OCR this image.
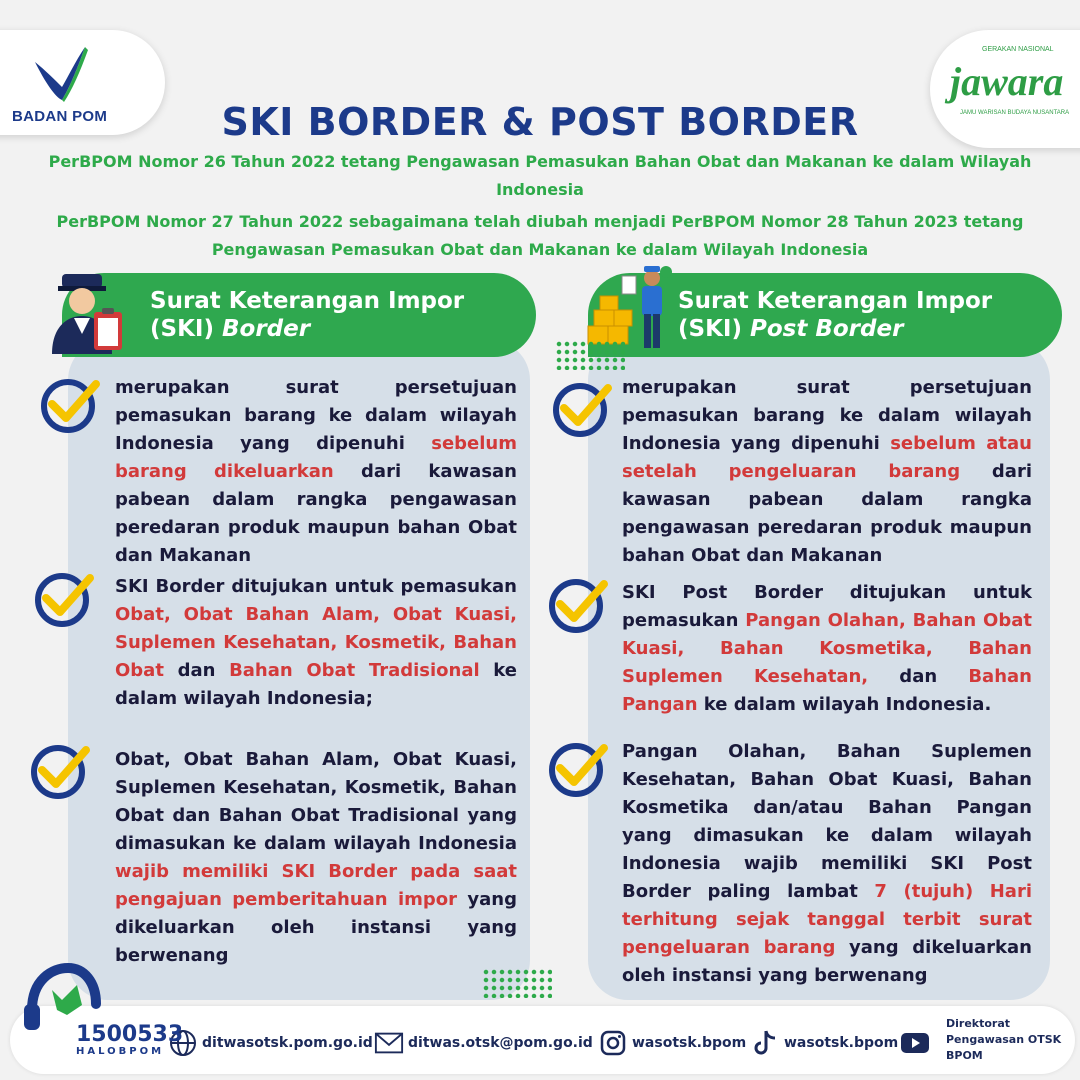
BADAN POM
GERAKAN NASIONAL
jawara
JAMU WARISAN BUDAYA NUSANTARA
SKI BORDER & POST BORDER
PerBPOM Nomor 26 Tahun 2022 tetang Pengawasan Pemasukan Bahan Obat dan Makanan ke dalam Wilayah Indonesia
PerBPOM Nomor 27 Tahun 2022 sebagaimana telah diubah menjadi PerBPOM Nomor 28 Tahun 2023 tetang Pengawasan Pemasukan Obat dan Makanan ke dalam Wilayah Indonesia
Surat Keterangan Impor
(SKI) Border
Surat Keterangan Impor
(SKI) Post Border
merupakan surat persetujuan pemasukan barang ke dalam wilayah Indonesia yang dipenuhi sebelum barang dikeluarkan dari kawasan pabean dalam rangka pengawasan peredaran produk maupun bahan Obat dan Makanan
SKI Border ditujukan untuk pemasukan Obat, Obat Bahan Alam, Obat Kuasi, Suplemen Kesehatan, Kosmetik, Bahan Obat dan Bahan Obat Tradisional ke dalam wilayah Indonesia;
Obat, Obat Bahan Alam, Obat Kuasi, Suplemen Kesehatan, Kosmetik, Bahan Obat dan Bahan Obat Tradisional yang dimasukan ke dalam wilayah Indonesia wajib memiliki SKI Border pada saat pengajuan pemberitahuan impor yang dikeluarkan oleh instansi yang berwenang
merupakan surat persetujuan pemasukan barang ke dalam wilayah Indonesia yang dipenuhi sebelum atau setelah pengeluaran barang dari kawasan pabean dalam rangka pengawasan peredaran produk maupun bahan Obat dan Makanan
SKI Post Border ditujukan untuk pemasukan Pangan Olahan, Bahan Obat Kuasi, Bahan Kosmetika, Bahan Suplemen Kesehatan, dan Bahan Pangan ke dalam wilayah Indonesia.
Pangan Olahan, Bahan Suplemen Kesehatan, Bahan Obat Kuasi, Bahan Kosmetika dan/atau Bahan Pangan yang dimasukan ke dalam wilayah Indonesia wajib memiliki SKI Post Border paling lambat 7 (tujuh) Hari terhitung sejak tanggal terbit surat pengeluaran barang yang dikeluarkan oleh instansi yang berwenang
ditwasotsk.pom.go.id	ditwas.otsk@pom.go.id	wasotsk.bpom	wasotsk.bpom
Direktorat
Pengawasan OTSK
BPOM
1500533
HALOBPOM
